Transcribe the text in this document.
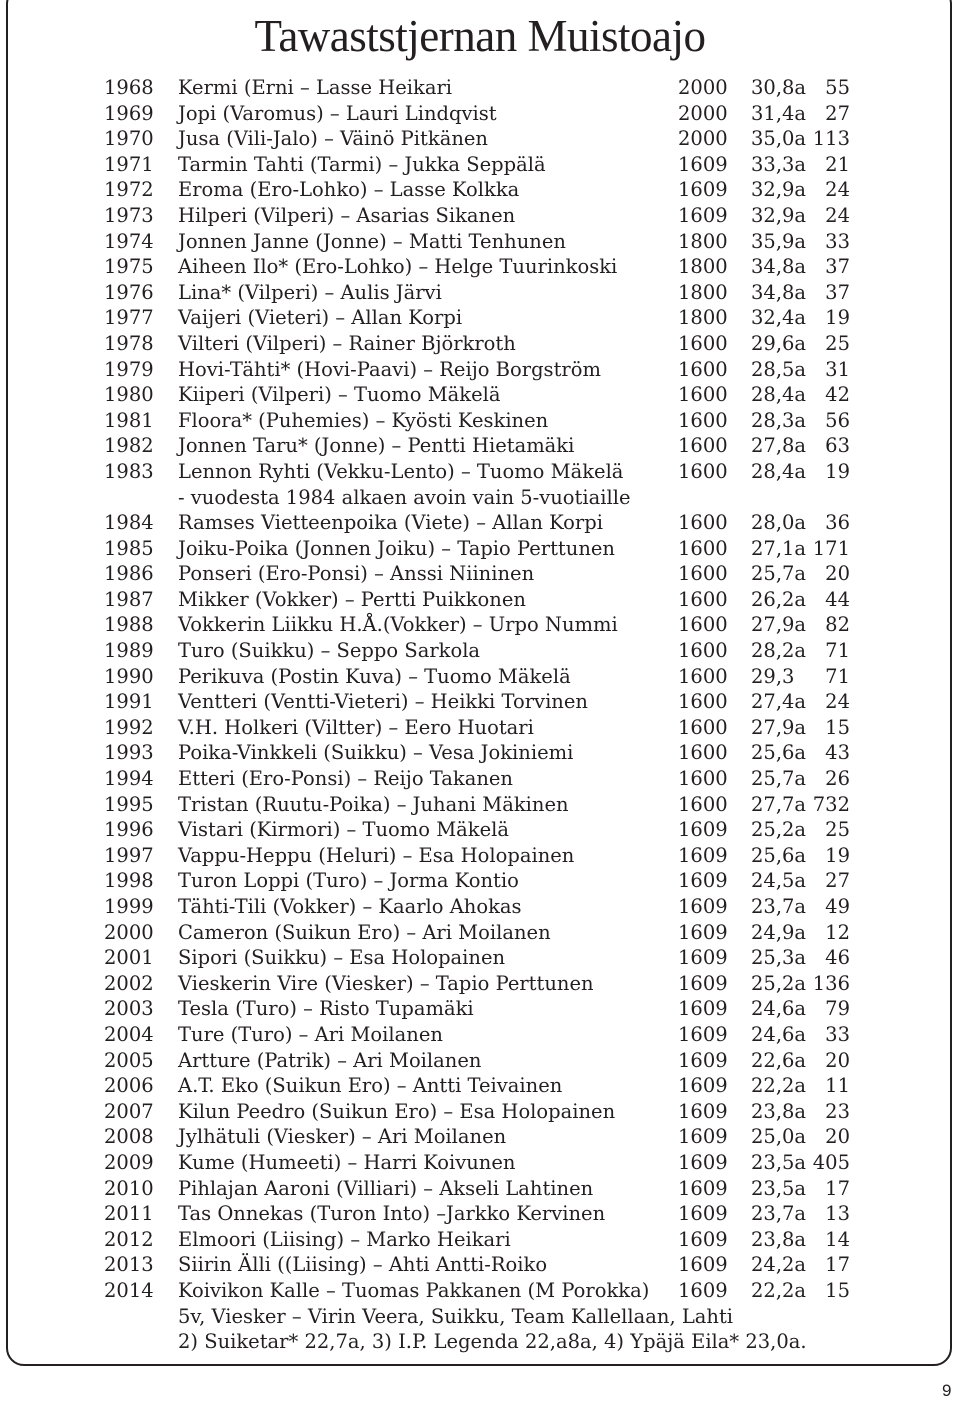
Tawaststjernan Muistoajo
1968 Kermi (Erni – Lasse Heikari	2000 30,8a 55
1969 Jopi (Varomus) – Lauri Lindqvist	2000 31,4a 27
1970 Jusa (Vili-Jalo) – Väinö Pitkänen	2000 35,0a 113
1971 Tarmin Tahti (Tarmi) – Jukka Seppälä	1609 33,3a 21
1972 Eroma (Ero-Lohko) – Lasse Kolkka	1609 32,9a 24
1973 Hilperi (Vilperi) – Asarias Sikanen	1609 32,9a 24
1974 Jonnen Janne (Jonne) – Matti Tenhunen	1800 35,9a 33
1975 Aiheen Ilo* (Ero-Lohko) – Helge Tuurinkoski	1800 34,8a 37
1976 Lina* (Vilperi) – Aulis Järvi	1800 34,8a 37
1977 Vaijeri (Vieteri) – Allan Korpi	1800 32,4a 19
1978 Vilteri (Vilperi) – Rainer Björkroth	1600 29,6a 25
1979 Hovi-Tähti* (Hovi-Paavi) – Reijo Borgström	1600 28,5a 31
1980 Kiiperi (Vilperi) – Tuomo Mäkelä	1600 28,4a 42
1981 Floora* (Puhemies) – Kyösti Keskinen	1600 28,3a 56
1982 Jonnen Taru* (Jonne) – Pentti Hietamäki	1600 27,8a 63
1983 Lennon Ryhti (Vekku-Lento) – Tuomo Mäkelä	1600 28,4a 19
- vuodesta 1984 alkaen avoin vain 5-vuotiaille
1984 Ramses Vietteenpoika (Viete) – Allan Korpi	1600 28,0a 36
1985 Joiku-Poika (Jonnen Joiku) – Tapio Perttunen	1600 27,1a 171
1986 Ponseri (Ero-Ponsi) – Anssi Niininen	1600 25,7a 20
1987 Mikker (Vokker) – Pertti Puikkonen	1600 26,2a 44
1988 Vokkerin Liikku H.Å.(Vokker) – Urpo Nummi	1600 27,9a 82
1989 Turo (Suikku) – Seppo Sarkola	1600 28,2a 71
1990 Perikuva (Postin Kuva) – Tuomo Mäkelä	1600 29,3 71
1991 Ventteri (Ventti-Vieteri) – Heikki Torvinen	1600 27,4a 24
1992 V.H. Holkeri (Viltter) – Eero Huotari	1600 27,9a 15
1993 Poika-Vinkkeli (Suikku) – Vesa Jokiniemi	1600 25,6a 43
1994 Etteri (Ero-Ponsi) – Reijo Takanen	1600 25,7a 26
1995 Tristan (Ruutu-Poika) – Juhani Mäkinen	1600 27,7a 732
1996 Vistari (Kirmori) – Tuomo Mäkelä	1609 25,2a 25
1997 Vappu-Heppu (Heluri) – Esa Holopainen	1609 25,6a 19
1998 Turon Loppi (Turo) – Jorma Kontio	1609 24,5a 27
1999 Tähti-Tili (Vokker) – Kaarlo Ahokas	1609 23,7a 49
2000 Cameron (Suikun Ero) – Ari Moilanen	1609 24,9a 12
2001 Sipori (Suikku) – Esa Holopainen	1609 25,3a 46
2002 Vieskerin Vire (Viesker) – Tapio Perttunen	1609 25,2a 136
2003 Tesla (Turo) – Risto Tupamäki	1609 24,6a 79
2004 Ture (Turo) – Ari Moilanen	1609 24,6a 33
2005 Artture (Patrik) – Ari Moilanen	1609 22,6a 20
2006 A.T. Eko (Suikun Ero) – Antti Teivainen	1609 22,2a 11
2007 Kilun Peedro (Suikun Ero) – Esa Holopainen	1609 23,8a 23
2008 Jylhätuli (Viesker) – Ari Moilanen	1609 25,0a 20
2009 Kume (Humeeti) – Harri Koivunen	1609 23,5a 405
2010 Pihlajan Aaroni (Villiari) – Akseli Lahtinen	1609 23,5a 17
2011 Tas Onnekas (Turon Into) –Jarkko Kervinen	1609 23,7a 13
2012 Elmoori (Liising) – Marko Heikari	1609 23,8a 14
2013 Siirin Älli ((Liising) – Ahti Antti-Roiko	1609 24,2a 17
2014 Koivikon Kalle – Tuomas Pakkanen (M Porokka) 1609 22,2a 15
5v, Viesker – Virin Veera, Suikku, Team Kallellaan, Lahti
2) Suiketar* 22,7a, 3) I.P. Legenda 22,a8a, 4) Ypäjä Eila* 23,0a.
9
